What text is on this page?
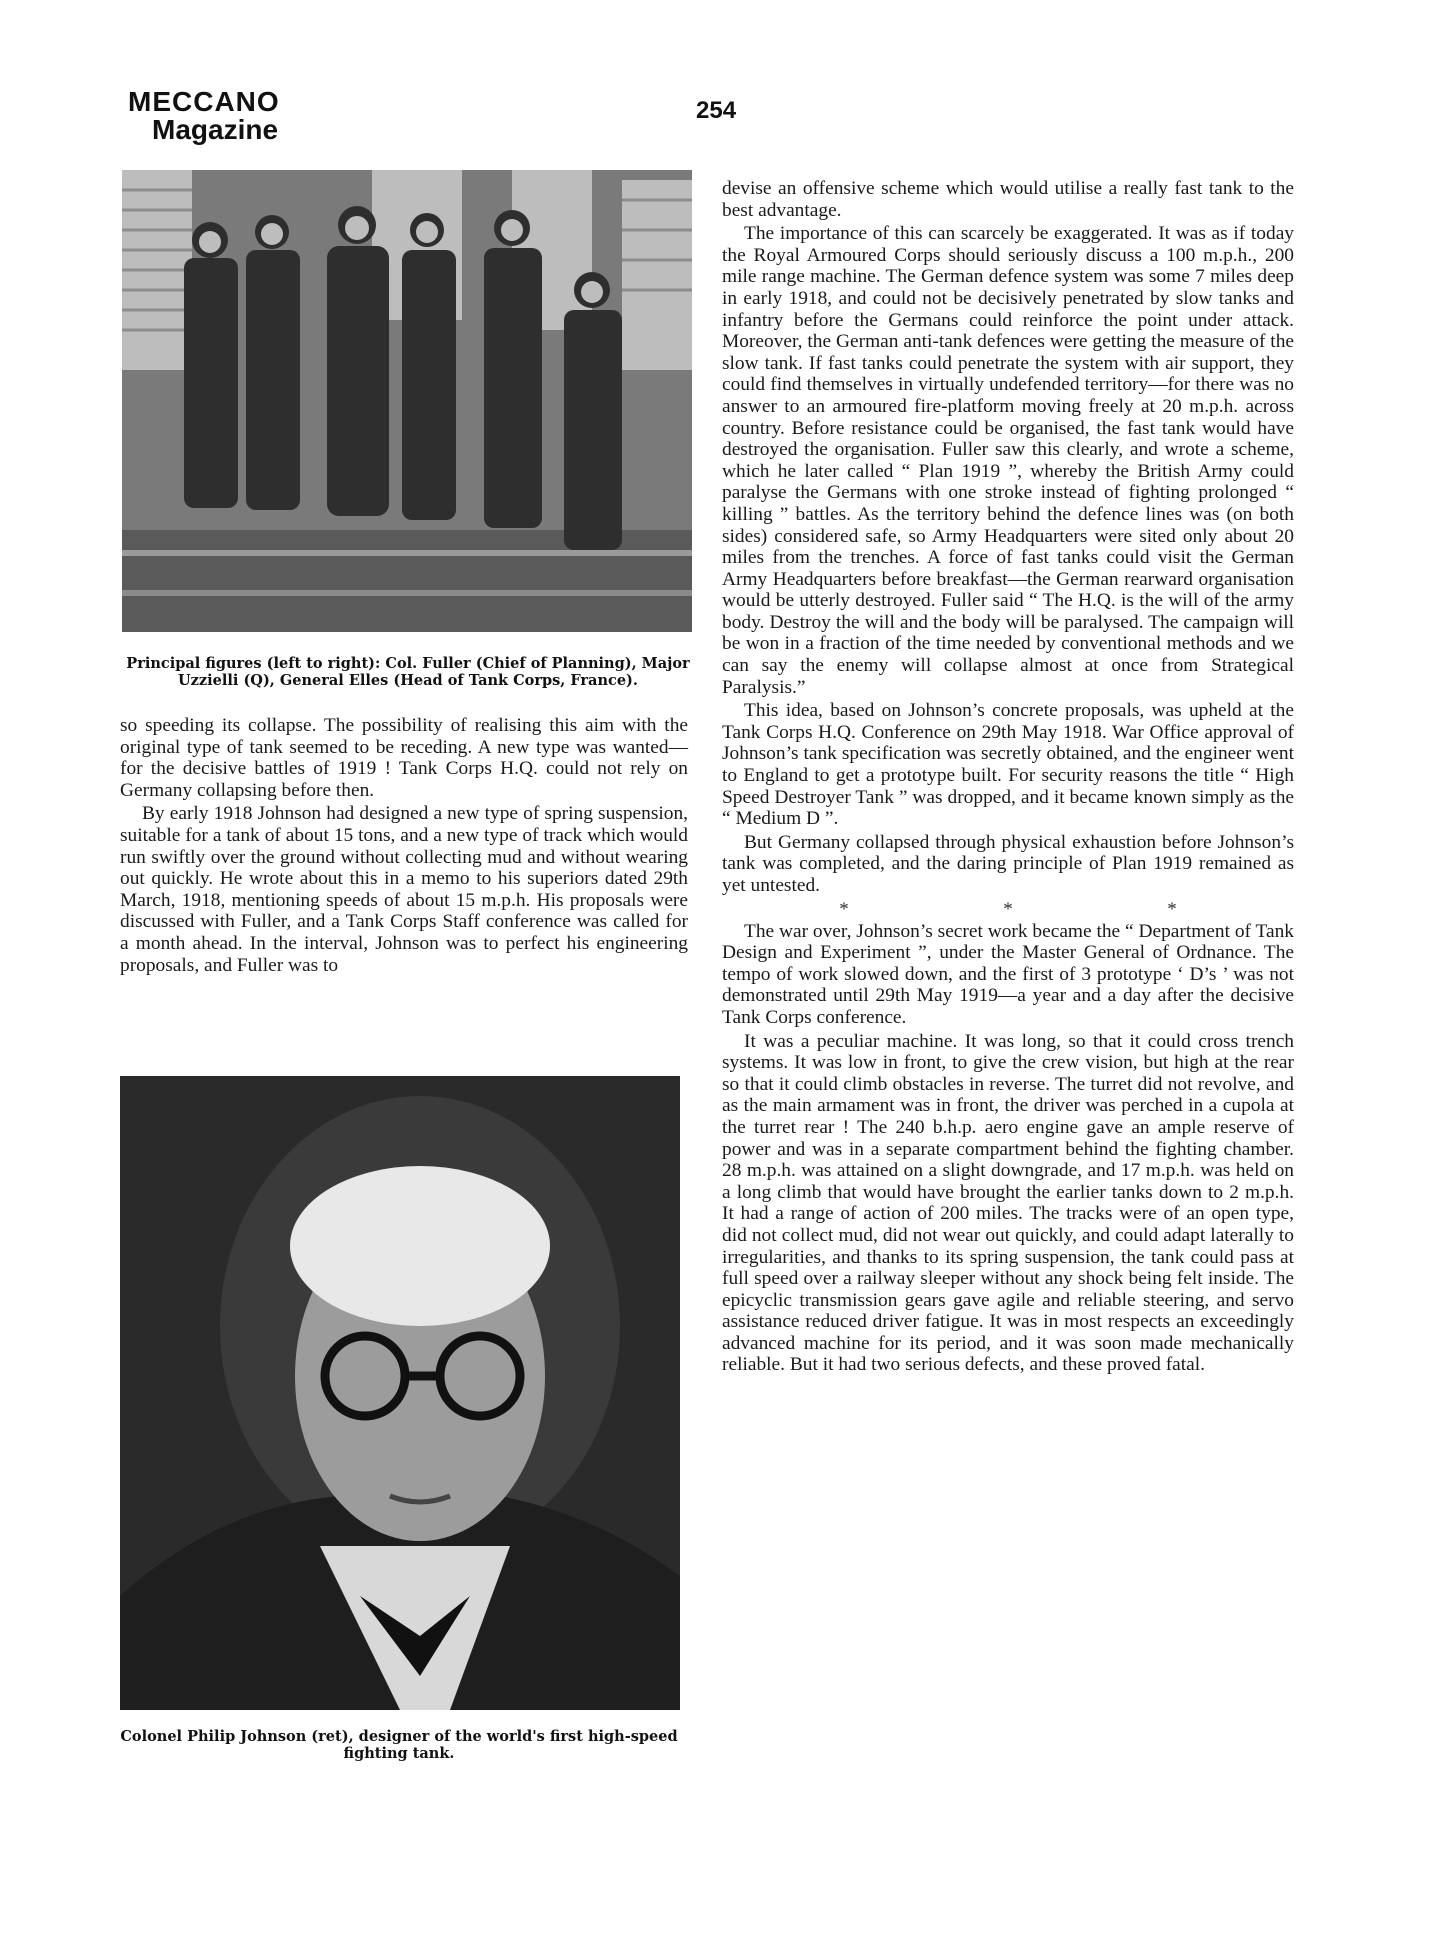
MECCANO
Magazine
254
Principal figures (left to right): Col. Fuller (Chief of Planning), Major Uzzielli (Q), General Elles (Head of Tank Corps, France).
Colonel Philip Johnson (ret), designer of the world's first high-speed fighting tank.

so speeding its collapse. The possibility of realising this aim with the original type of tank seemed to be receding. A new type was wanted—for the decisive battles of 1919 ! Tank Corps H.Q. could not rely on Germany collapsing before then.

By early 1918 Johnson had designed a new type of spring suspension, suitable for a tank of about 15 tons, and a new type of track which would run swiftly over the ground without collecting mud and without wearing out quickly. He wrote about this in a memo to his superiors dated 29th March, 1918, mentioning speeds of about 15 m.p.h. His proposals were discussed with Fuller, and a Tank Corps Staff conference was called for a month ahead. In the interval, Johnson was to perfect his engineering proposals, and Fuller was to

devise an offensive scheme which would utilise a really fast tank to the best advantage.

The importance of this can scarcely be exaggerated. It was as if today the Royal Armoured Corps should seriously discuss a 100 m.p.h., 200 mile range machine. The German defence system was some 7 miles deep in early 1918, and could not be decisively penetrated by slow tanks and infantry before the Germans could reinforce the point under attack. Moreover, the German anti-tank defences were getting the measure of the slow tank. If fast tanks could penetrate the system with air support, they could find themselves in virtually undefended territory—for there was no answer to an armoured fire-platform moving freely at 20 m.p.h. across country. Before resistance could be organised, the fast tank would have destroyed the organisation. Fuller saw this clearly, and wrote a scheme, which he later called “ Plan 1919 ”, whereby the British Army could paralyse the Germans with one stroke instead of fighting prolonged “ killing ” battles. As the territory behind the defence lines was (on both sides) considered safe, so Army Headquarters were sited only about 20 miles from the trenches. A force of fast tanks could visit the German Army Headquarters before breakfast—the German rearward organisation would be utterly destroyed. Fuller said “ The H.Q. is the will of the army body. Destroy the will and the body will be paralysed. The campaign will be won in a fraction of the time needed by conventional methods and we can say the enemy will collapse almost at once from Strategical Paralysis.”

This idea, based on Johnson’s concrete proposals, was upheld at the Tank Corps H.Q. Conference on 29th May 1918. War Office approval of Johnson’s tank specification was secretly obtained, and the engineer went to England to get a prototype built. For security reasons the title “ High Speed Destroyer Tank ” was dropped, and it became known simply as the “ Medium D ”.

But Germany collapsed through physical exhaustion before Johnson’s tank was completed, and the daring principle of Plan 1919 remained as yet untested.

*	*	*

The war over, Johnson’s secret work became the “ Department of Tank Design and Experiment ”, under the Master General of Ordnance. The tempo of work slowed down, and the first of 3 prototype ‘ D’s ’ was not demonstrated until 29th May 1919—a year and a day after the decisive Tank Corps conference.

It was a peculiar machine. It was long, so that it could cross trench systems. It was low in front, to give the crew vision, but high at the rear so that it could climb obstacles in reverse. The turret did not revolve, and as the main armament was in front, the driver was perched in a cupola at the turret rear ! The 240 b.h.p. aero engine gave an ample reserve of power and was in a separate compartment behind the fighting chamber. 28 m.p.h. was attained on a slight downgrade, and 17 m.p.h. was held on a long climb that would have brought the earlier tanks down to 2 m.p.h. It had a range of action of 200 miles. The tracks were of an open type, did not collect mud, did not wear out quickly, and could adapt laterally to irregularities, and thanks to its spring suspension, the tank could pass at full speed over a railway sleeper without any shock being felt inside. The epicyclic transmission gears gave agile and reliable steering, and servo assistance reduced driver fatigue. It was in most respects an exceedingly advanced machine for its period, and it was soon made mechanically reliable. But it had two serious defects, and these proved fatal.
